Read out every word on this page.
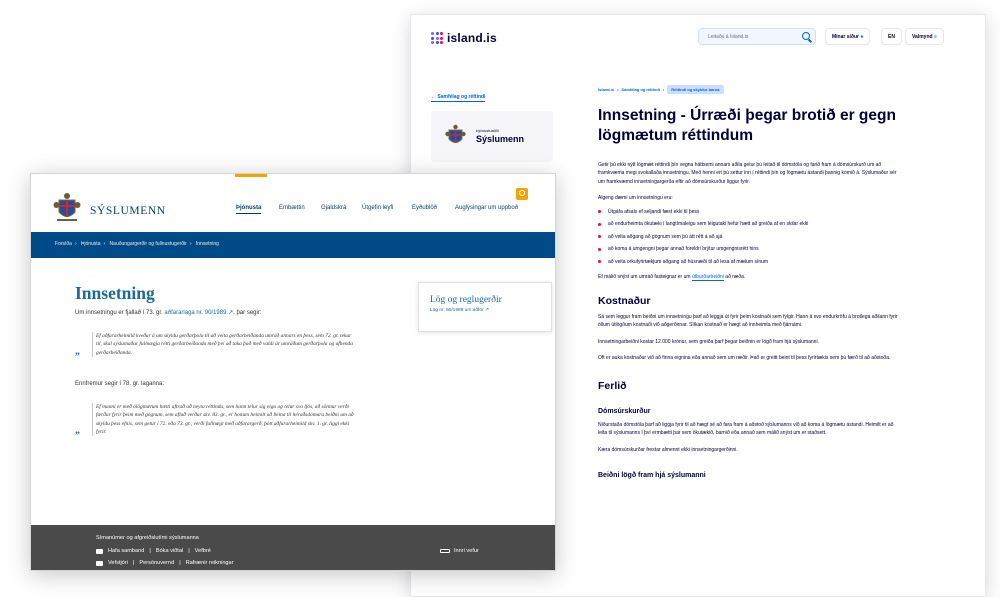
island.is	Leitaðu á Ísland.is	Mínar síður ●	EN	Valmynd ≡
← Samfélag og réttindi
Þjónustuaðili
Sýslumenn
Ísland.is • Samfélag og réttindi •	Réttindi og skyldur barna
Innsetning - Úrræði þegar brotið er gegn lögmætum réttindum

Getir þú ekki nýtt lögmæt réttindi þín vegna háttsemi annars aðila getur þú leitað til dómstóla og farið fram á dómsúrskurð um að framkvæma megi svokallaða innsetningu. Með henni ert þú settur inn í réttindi þín og lögmætu ástandi þannig komið á. Sýslumaður sér um framkvæmd innsetningargerða eftir að dómsúrskurður liggur fyrir.

Algeng dæmi um innsetningu eru:

Útgáfa afsals ef seljandi fæst ekki til þess
að endurheimta ökutæki í langtímaleigu sem leigutaki hefur hætt að greiða af en skilar ekki
að veita aðgang að gögnum sem þú átt rétt á að sjá
að koma á umgengni þegar annað foreldri brýtur umgengnisrétt hins
að veita orkufyrirtækjum aðgang að húsnæði til að lesa af mælum sínum

Ef málið snýst um umráð fasteignar er um útburðarbeiðni að ræða.

Kostnaður

Sá sem leggur fram beiðni um innsetningu þarf að leggja út fyrir þeim kostnaði sem fylgir. Hann á svo endurkröfu á brotlega aðilann fyrir öllum útlögðum kostnaði við aðgerðirnar. Slíkan kostnað er hægt að innheimta með fjárnámi.

Innsetningarbeiðni kostar 12.000 krónur, sem greiða þarf þegar beiðnin er lögð fram hjá sýslumanni.

Oft er auka kostnaður við að finna eignina eða annað sem um ræðir. Það er greitt beint til þess fyrirtækis sem þú færð til að aðstoða.

Ferlið
Dómsúrskurður

Niðurstaða dómstóla þarf að liggja fyrir til að hægt sé að fara fram á aðstoð sýslumanns við að koma á lögmætu ástandi. Heimilt er að leita til sýslumanns í því ermbætti þar sem ökutækið, barnið eða annað sem málið snýst um er staðsett.

Kæra dómsúrskurðar frestar almennt ekki innsetningargerðinni.

Beiðni lögð fram hjá sýslumanni
SÝSLUMENN	Þjónusta	Embættin	Gjaldskrá	Útgefin leyfi	Eyðublöð	Auglýsingar um uppboð
Forsíða › Þjónusta › Nauðungargerðir og fullnustugerðir › Innsetning
Innsetning

Um innsetningu er fjallað í 73. gr. aðfararlaga nr. 90/1989 ↗, þar segir:

„
Ef aðfararheimild kveður á um skyldu gerðarþola til að veita gerðarbeiðanda umráð annars en þess, sem 72. gr. tekur til, skal sýslumaður fullnægja rétti gerðarbeiðanda með því að taka það með valdi úr umráðum gerðarþola og afhenda gerðarbeiðanda.

Ennfremur segir í 78. gr. laganna:

„
Ef manni er með ólögmætum hætti aftrað að neyta réttinda, sem hann telur sig eiga og telur svo ljós, að sönnur verði færðar fyrir þeim með gögnum, sem aflað verður skv. 83. gr., er honum heimilt að beina til héraðsdómara beiðni um að skyldu þess efnis, sem getur í 72. eða 73. gr., verði fullnægt með aðfarargerð, þótt aðfararheimild skv. 1. gr. liggi ekki fyrir.
Lög og reglugerðir
Lög nr. 90/1989 um aðför ↗
Símanúmer og afgreiðslutími sýslumanna
Hafa samband | Bóka viðtal | Vefbré
Vefstjóri | Persónuvernd | Rafrænir reikningar
Innri vefur
